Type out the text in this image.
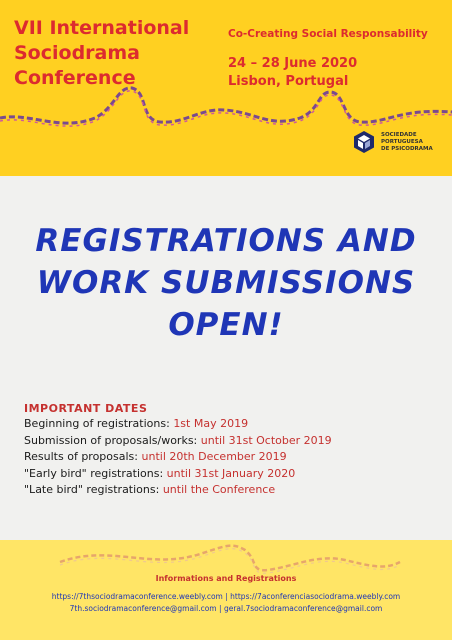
VII International
Sociodrama
Conference
Co-Creating Social Responsability
24 – 28 June 2020
Lisbon, Portugal
SOCIEDADE
PORTUGUESA
DE PSICODRAMA
REGISTRATIONS AND
WORK SUBMISSIONS
OPEN!
IMPORTANT DATES
Beginning of registrations: 1st May 2019
Submission of proposals/works: until 31st October 2019
Results of proposals: until 20th December 2019
"Early bird" registrations: until 31st January 2020
"Late bird" registrations: until the Conference
Informations and Registrations
https://7thsociodramaconference.weebly.com | https://7aconferenciasociodrama.weebly.com
7th.sociodramaconference@gmail.com | geral.7sociodramaconference@gmail.com
